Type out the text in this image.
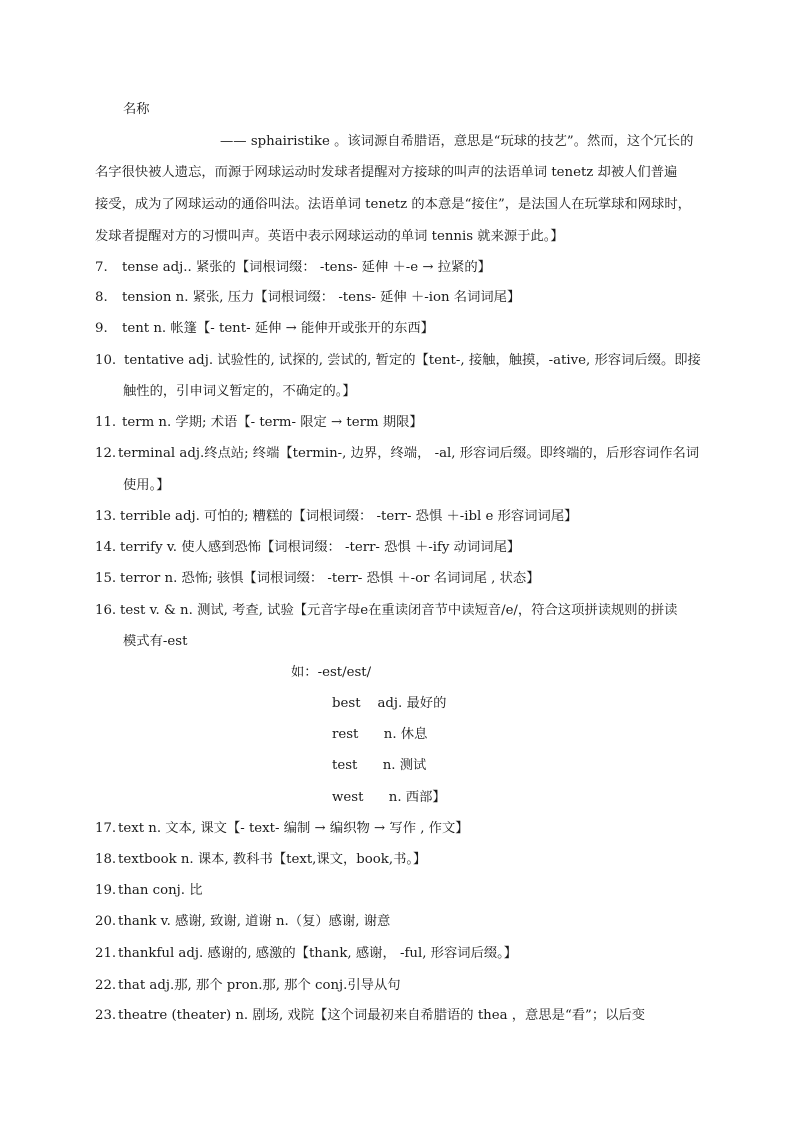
名称
—— sphairistike 。该词源自希腊语，意思是“玩球的技艺”。然而，这个冗长的
名字很快被人遗忘，而源于网球运动时发球者提醒对方接球的叫声的法语单词 tenetz 却被人们普遍
接受，成为了网球运动的通俗叫法。法语单词 tenetz 的本意是“接住”，是法国人在玩掌球和网球时，
发球者提醒对方的习惯叫声。英语中表示网球运动的单词 tennis 就来源于此。】
7. tense adj.. 紧张的【词根词缀： -tens- 延伸 ＋-e → 拉紧的】
8. tension n. 紧张, 压力【词根词缀： -tens- 延伸 ＋-ion 名词词尾】
9. tent n. 帐篷【- tent- 延伸 → 能伸开或张开的东西】
10. tentative adj. 试验性的, 试探的, 尝试的, 暂定的【tent-, 接触，触摸，-ative, 形容词后缀。即接
触性的，引申词义暂定的，不确定的。】
11. term n. 学期; 术语【- term- 限定 → term 期限】
12. terminal adj.终点站; 终端【termin-, 边界，终端， -al, 形容词后缀。即终端的，后形容词作名词
使用。】
13. terrible adj. 可怕的; 糟糕的【词根词缀： -terr- 恐惧 ＋-ibl e 形容词词尾】
14. terrify v. 使人感到恐怖【词根词缀： -terr- 恐惧 ＋-ify 动词词尾】
15. terror n. 恐怖; 骇惧【词根词缀： -terr- 恐惧 ＋-or 名词词尾 , 状态】
16. test v. & n. 测试, 考查, 试验【元音字母e在重读闭音节中读短音/e/，符合这项拼读规则的拼读
模式有-est
如：-est/est/
best    adj. 最好的
rest      n. 休息
test      n. 测试
west      n. 西部】
17. text n. 文本, 课文【- text- 编制 → 编织物 → 写作 , 作文】
18. textbook n. 课本, 教科书【text,课文，book,书。】
19. than conj. 比
20. thank v. 感谢, 致谢, 道谢 n.（复）感谢, 谢意
21. thankful adj. 感谢的, 感激的【thank, 感谢， -ful, 形容词后缀。】
22. that adj.那, 那个 pron.那, 那个 conj.引导从句
23. theatre (theater) n. 剧场, 戏院【这个词最初来自希腊语的 thea ，意思是“看”；以后变
